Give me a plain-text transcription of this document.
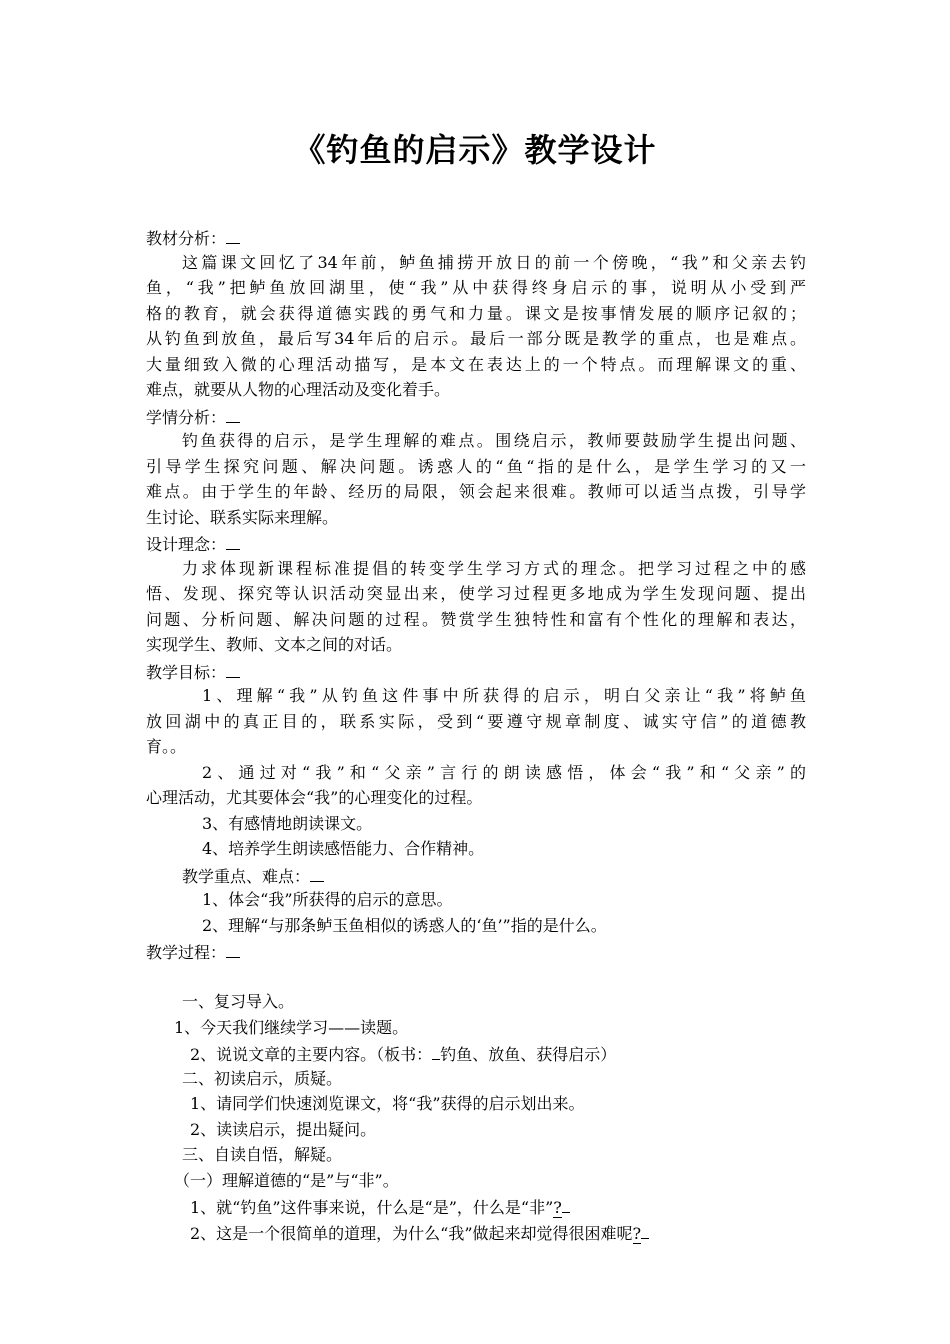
《钓鱼的启示》教学设计
教材分析：
这篇课文回忆了34年前，鲈鱼捕捞开放日的前一个傍晚，“我”和父亲去钓
鱼，“我”把鲈鱼放回湖里，使“我”从中获得终身启示的事，说明从小受到严
格的教育，就会获得道德实践的勇气和力量。课文是按事情发展的顺序记叙的；
从钓鱼到放鱼，最后写34年后的启示。最后一部分既是教学的重点，也是难点。
大量细致入微的心理活动描写，是本文在表达上的一个特点。而理解课文的重、
难点，就要从人物的心理活动及变化着手。
学情分析：
钓鱼获得的启示，是学生理解的难点。围绕启示，教师要鼓励学生提出问题、
引导学生探究问题、解决问题。诱惑人的“鱼“指的是什么，是学生学习的又一
难点。由于学生的年龄、经历的局限，领会起来很难。教师可以适当点拨，引导学
生讨论、联系实际来理解。
设计理念：
力求体现新课程标准提倡的转变学生学习方式的理念。把学习过程之中的感
悟、发现、探究等认识活动突显出来，使学习过程更多地成为学生发现问题、提出
问题、分析问题、解决问题的过程。赞赏学生独特性和富有个性化的理解和表达，
实现学生、教师、文本之间的对话。
教学目标：
1、理解“我”从钓鱼这件事中所获得的启示，明白父亲让“我”将鲈鱼
放回湖中的真正目的，联系实际，受到“要遵守规章制度、诚实守信”的道德教
育。。
2、通过对“我”和“父亲”言行的朗读感悟，体会“我”和“父亲”的
心理活动，尤其要体会“我”的心理变化的过程。
3、有感情地朗读课文。
4、培养学生朗读感悟能力、合作精神。
教学重点、难点：
1、体会“我”所获得的启示的意思。
2、理解“与那条鲈玉鱼相似的诱惑人的‘鱼’”指的是什么。
教学过程：
一、复习导入。
1、今天我们继续学习——读题。
2、说说文章的主要内容。（板书： 钓鱼、放鱼、获得启示）
二、初读启示，质疑。
1、请同学们快速浏览课文，将“我”获得的启示划出来。
2、读读启示，提出疑问。
三、自读自悟，解疑。
（一）理解道德的“是”与“非”。
1、就“钓鱼”这件事来说，什么是“是”，什么是“非”?
2、这是一个很简单的道理，为什么“我”做起来却觉得很困难呢?
